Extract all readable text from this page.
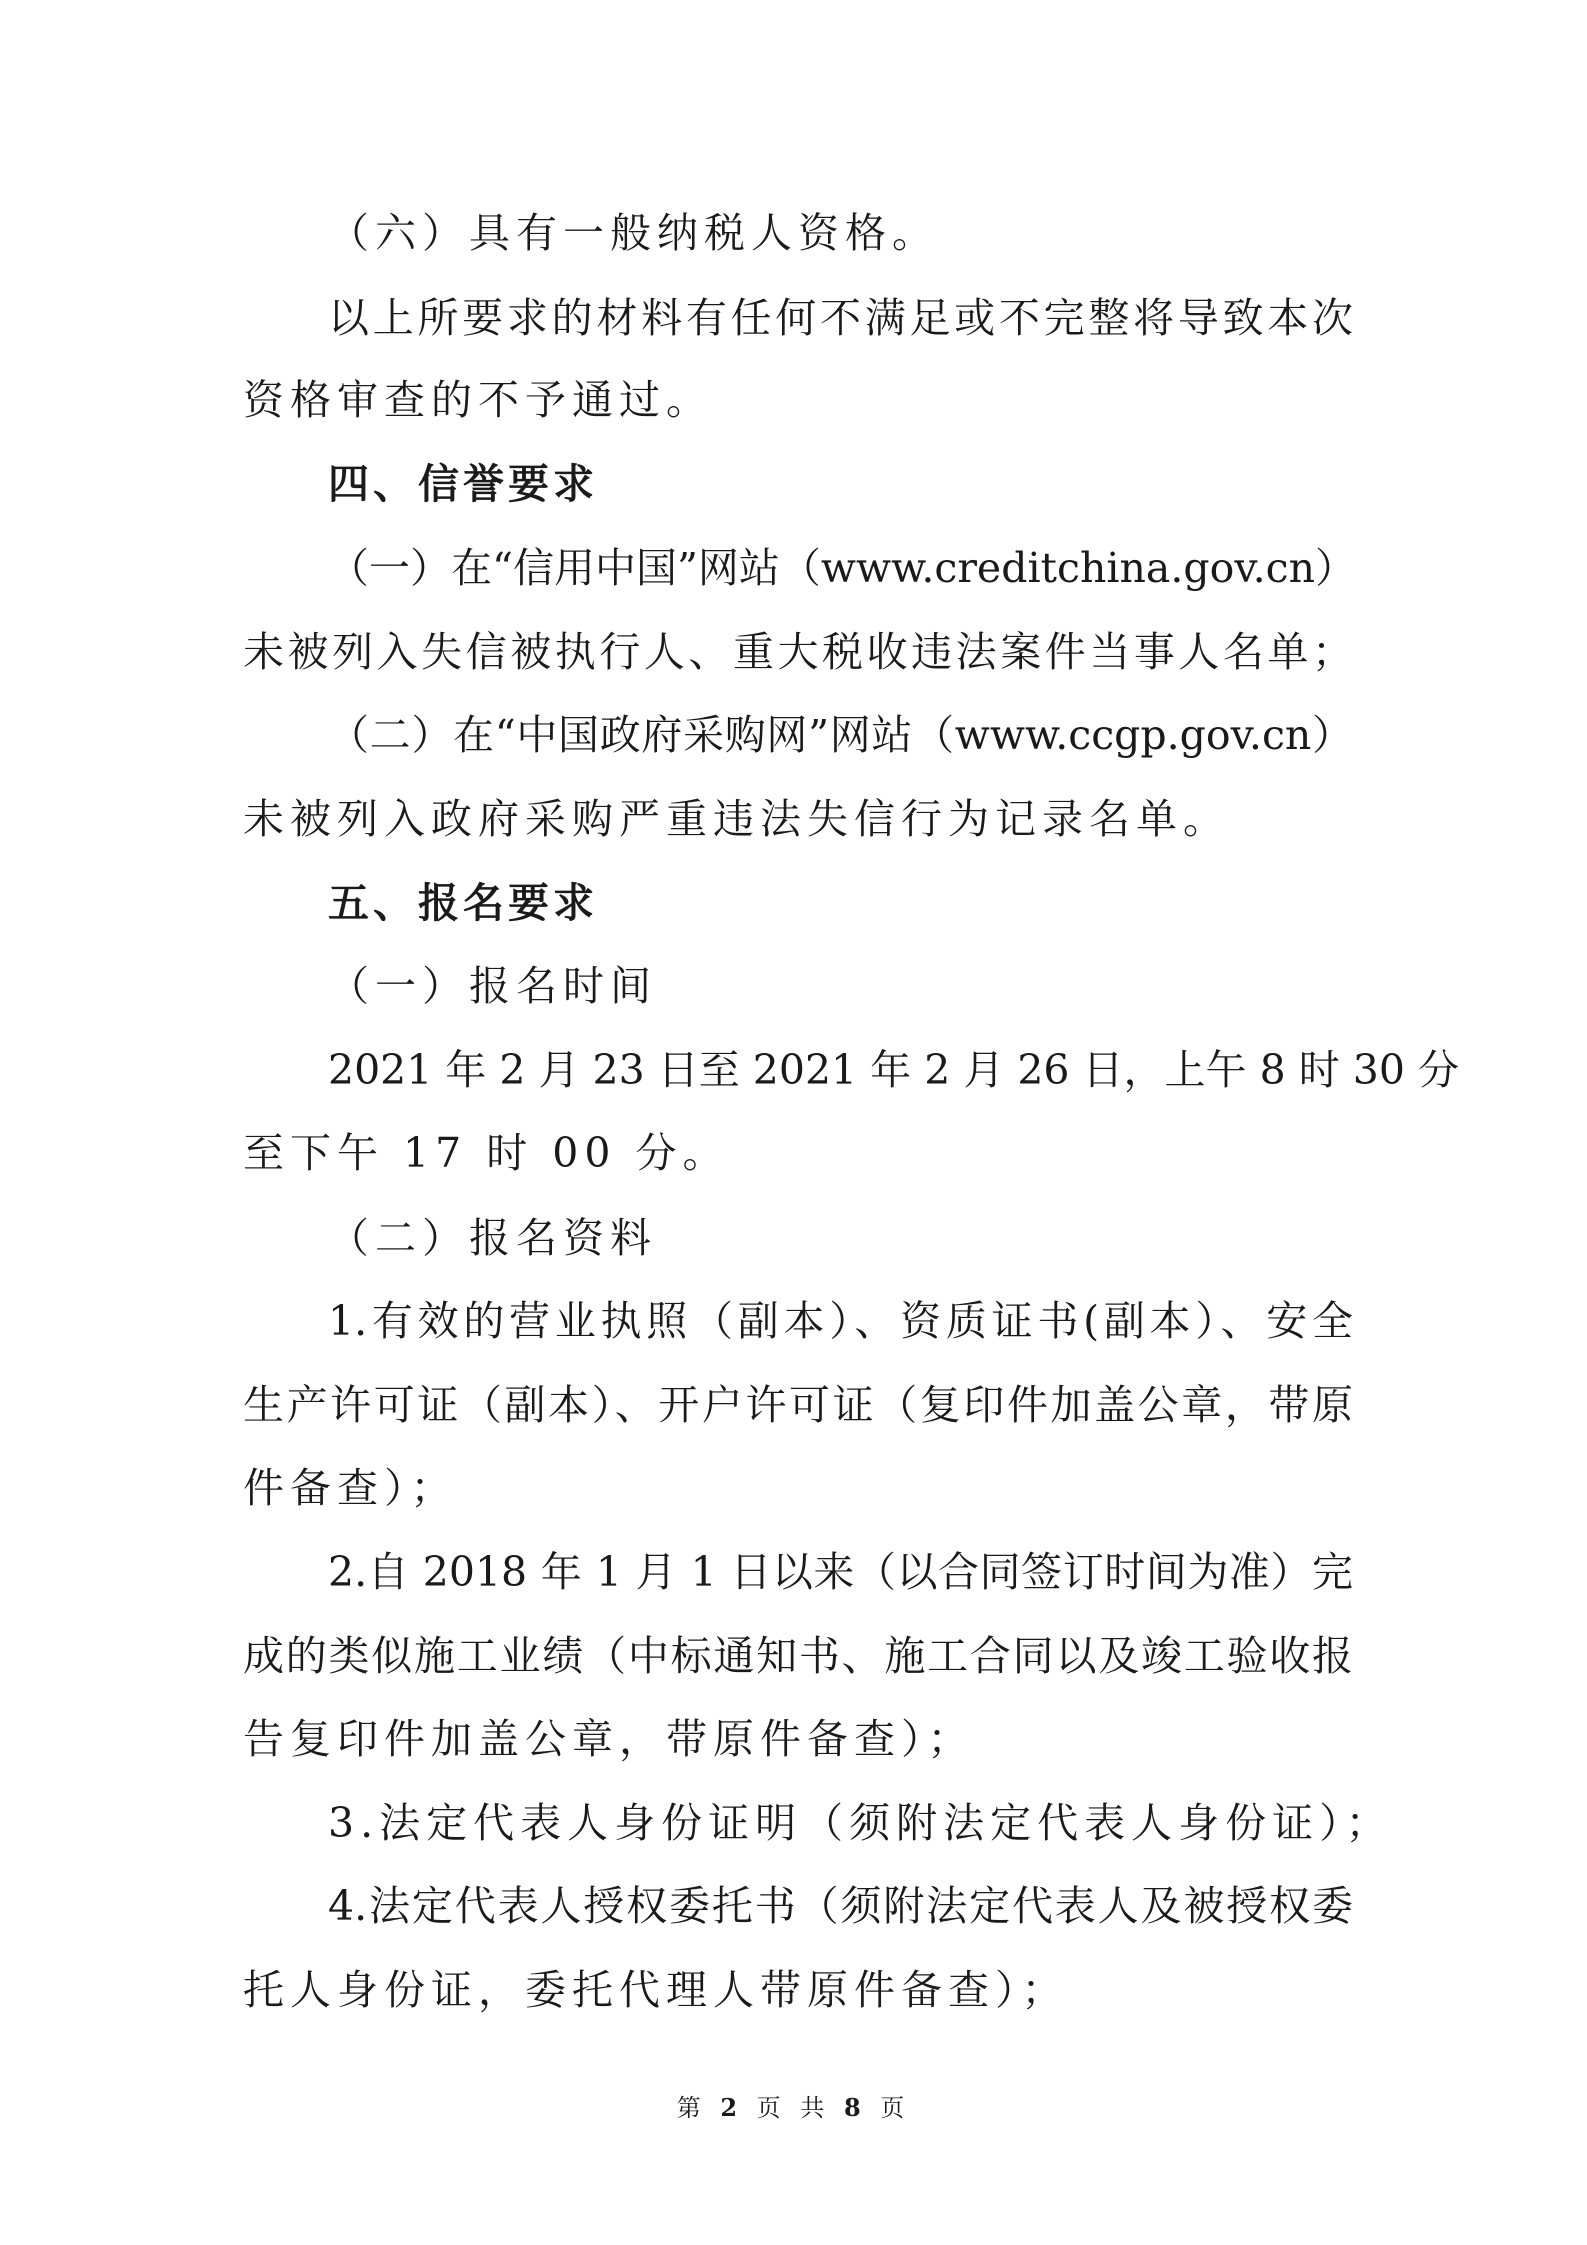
（六）具有一般纳税人资格。
以上所要求的材料有任何不满足或不完整将导致本次
资格审查的不予通过。
四、信誉要求
（一）在“信用中国”网站（www.creditchina.gov.cn）
未被列入失信被执行人、重大税收违法案件当事人名单；
（二）在“中国政府采购网”网站（www.ccgp.gov.cn）
未被列入政府采购严重违法失信行为记录名单。
五、报名要求
（一）报名时间
2021 年 2 月 23 日至 2021 年 2 月 26 日，上午 8 时 30 分
至下午 17 时 00 分。
（二）报名资料
1.有效的营业执照（副本）、资质证书(副本）、安全
生产许可证（副本）、开户许可证（复印件加盖公章，带原
件备查）；
2.自 2018 年 1 月 1 日以来（以合同签订时间为准）完
成的类似施工业绩（中标通知书、施工合同以及竣工验收报
告复印件加盖公章，带原件备查）；
3.法定代表人身份证明（须附法定代表人身份证）；
4.法定代表人授权委托书（须附法定代表人及被授权委
托人身份证，委托代理人带原件备查）；
第 2 页 共 8 页
